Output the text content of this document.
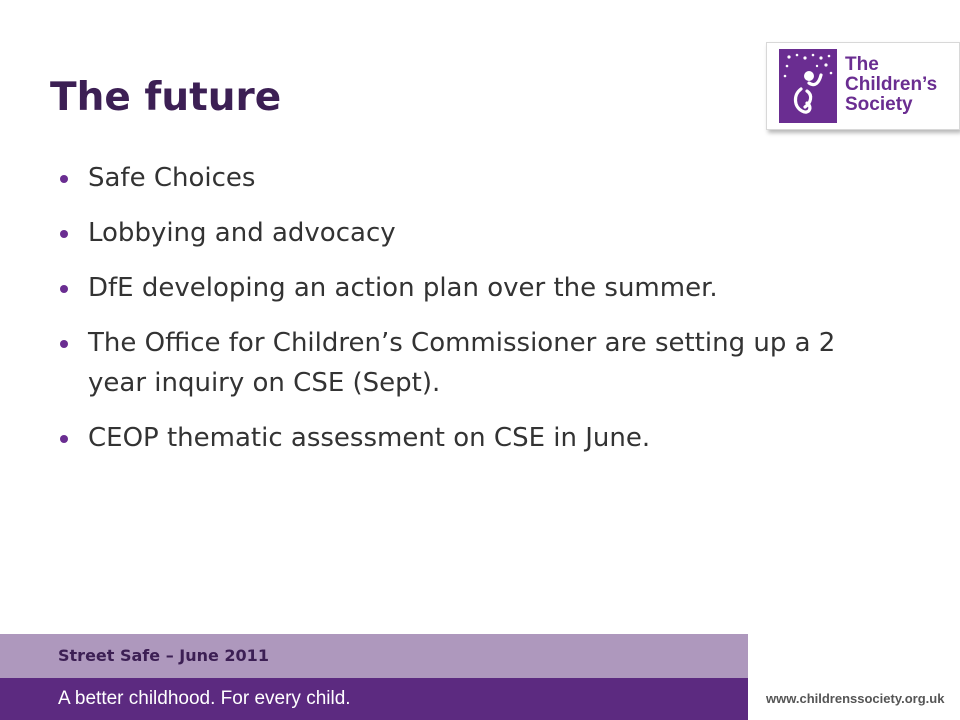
The future
The
Children’s
Society
Safe Choices
Lobbying and advocacy
DfE developing an action plan over the summer.
The Office for Children’s Commissioner are setting up a 2 year inquiry on CSE (Sept).
CEOP thematic assessment on CSE in June.
Street Safe – June 2011
A better childhood. For every child.	www.childrenssociety.org.uk
